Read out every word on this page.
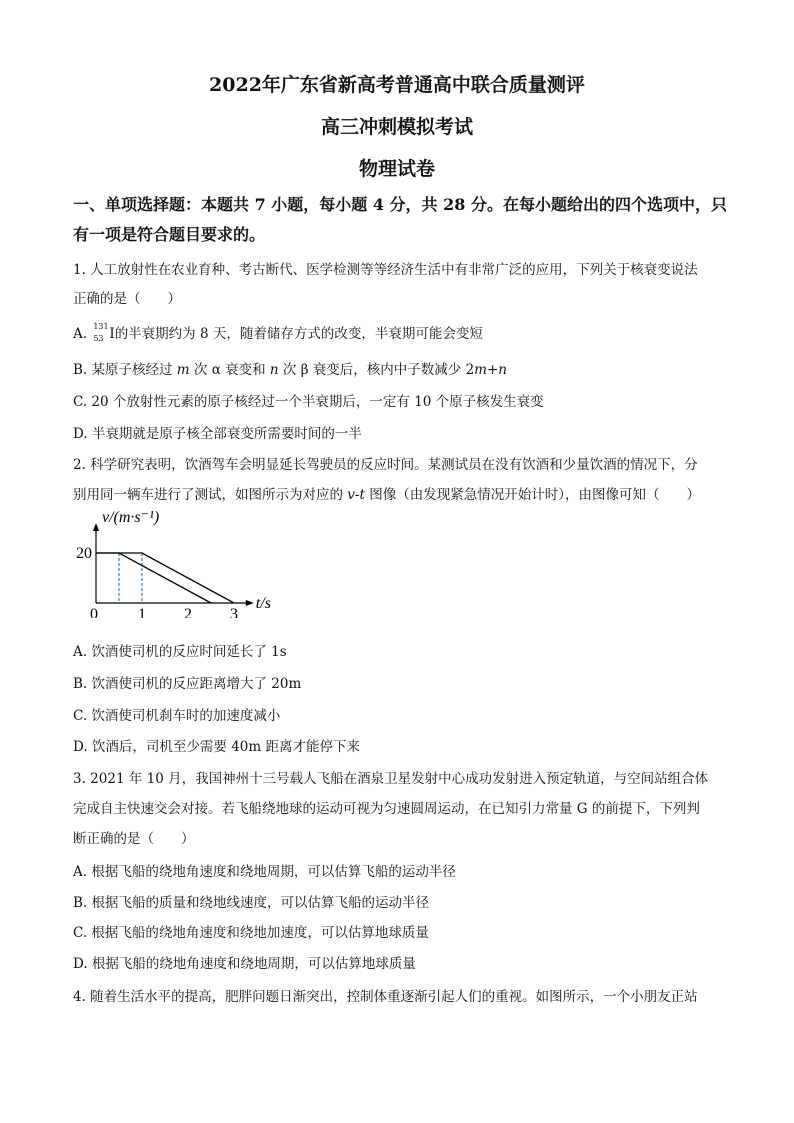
2022年广东省新高考普通高中联合质量测评
高三冲刺模拟考试
物理试卷
一、单项选择题：本题共 7 小题，每小题 4 分，共 28 分。在每小题给出的四个选项中，只
有一项是符合题目要求的。
1. 人工放射性在农业育种、考古断代、医学检测等等经济生活中有非常广泛的应用，下列关于核衰变说法
正确的是（　　）
A. 131
53 I的半衰期约为 8 天，随着储存方式的改变，半衰期可能会变短
B. 某原子核经过 m 次 α 衰变和 n 次 β 衰变后，核内中子数减少 2m+n
C. 20 个放射性元素的原子核经过一个半衰期后，一定有 10 个原子核发生衰变
D. 半衰期就是原子核全部衰变所需要时间的一半
2. 科学研究表明，饮酒驾车会明显延长驾驶员的反应时间。某测试员在没有饮酒和少量饮酒的情况下，分
别用同一辆车进行了测试，如图所示为对应的 v-t 图像（由发现紧急情况开始计时），由图像可知（　　）
0	1 2 3
20
t/s
v/(m·s⁻¹)
A. 饮酒使司机的反应时间延长了 1s
B. 饮酒使司机的反应距离增大了 20m
C. 饮酒使司机刹车时的加速度减小
D. 饮酒后，司机至少需要 40m 距离才能停下来
3. 2021 年 10 月，我国神州十三号载人飞船在酒泉卫星发射中心成功发射进入预定轨道，与空间站组合体
完成自主快速交会对接。若飞船绕地球的运动可视为匀速圆周运动，在已知引力常量 G 的前提下，下列判
断正确的是（　　）
A. 根据飞船的绕地角速度和绕地周期，可以估算飞船的运动半径
B. 根据飞船的质量和绕地线速度，可以估算飞船的运动半径
C. 根据飞船的绕地角速度和绕地加速度，可以估算地球质量
D. 根据飞船的绕地角速度和绕地周期，可以估算地球质量
4. 随着生活水平的提高，肥胖问题日渐突出，控制体重逐渐引起人们的重视。如图所示，一个小朋友正站
